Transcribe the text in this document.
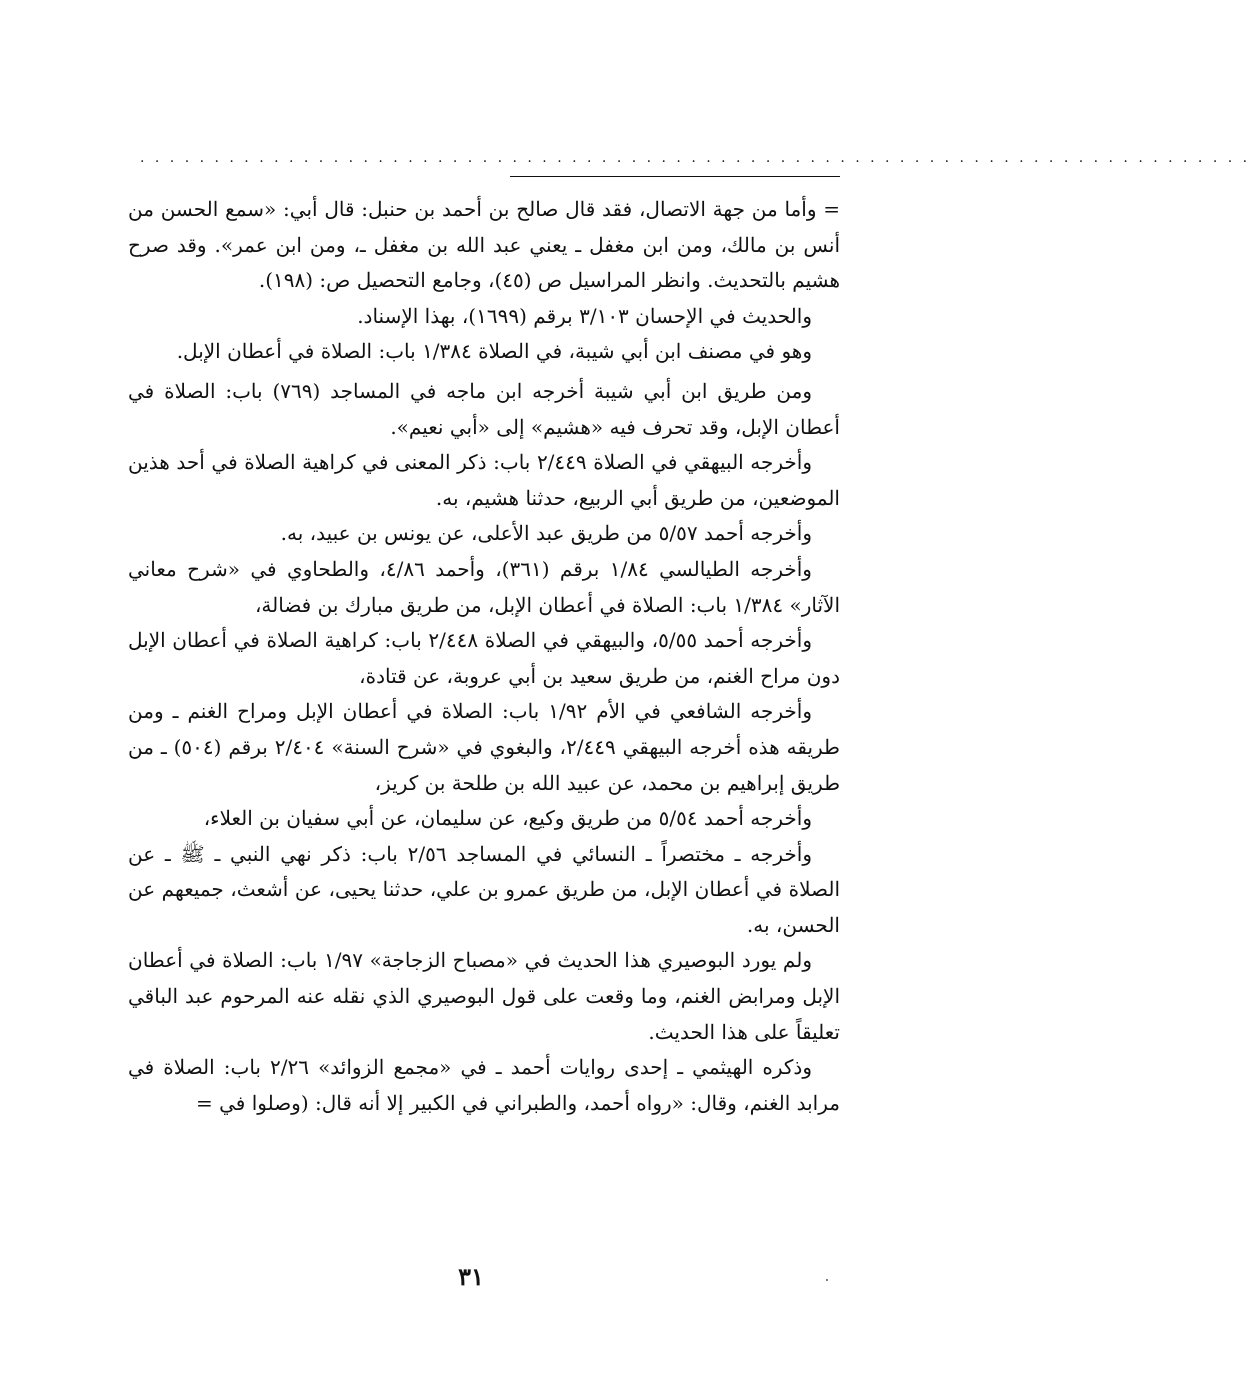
. . . . . . . . . . . . . . . . . . . . . . . . . . . . . . . . . . . . . . . . . . . . . . . . . . . . . . . . . . . . . . . . . . . . . . . . . . .

= وأما من جهة الاتصال، فقد قال صالح بن أحمد بن حنبل: قال أبي: «سمع الحسن من أنس بن مالك، ومن ابن مغفل ـ يعني عبد الله بن مغفل ـ، ومن ابن عمر». وقد صرح هشيم بالتحديث. وانظر المراسيل ص (٤٥)، وجامع التحصيل ص: (١٩٨).

والحديث في الإحسان ٣/١٠٣ برقم (١٦٩٩)، بهذا الإسناد.

وهو في مصنف ابن أبي شيبة، في الصلاة ١/٣٨٤ باب: الصلاة في أعطان الإبل.

ومن طريق ابن أبي شيبة أخرجه ابن ماجه في المساجد (٧٦٩) باب: الصلاة في أعطان الإبل، وقد تحرف فيه «هشيم» إلى «أبي نعيم».

وأخرجه البيهقي في الصلاة ٢/٤٤٩ باب: ذكر المعنى في كراهية الصلاة في أحد هذين الموضعين، من طريق أبي الربيع، حدثنا هشيم، به.

وأخرجه أحمد ٥/٥٧ من طريق عبد الأعلى، عن يونس بن عبيد، به.

وأخرجه الطيالسي ١/٨٤ برقم (٣٦١)، وأحمد ٤/٨٦، والطحاوي في «شرح معاني الآثار» ١/٣٨٤ باب: الصلاة في أعطان الإبل، من طريق مبارك بن فضالة،

وأخرجه أحمد ٥/٥٥، والبيهقي في الصلاة ٢/٤٤٨ باب: كراهية الصلاة في أعطان الإبل دون مراح الغنم، من طريق سعيد بن أبي عروبة، عن قتادة،

وأخرجه الشافعي في الأم ١/٩٢ باب: الصلاة في أعطان الإبل ومراح الغنم ـ ومن طريقه هذه أخرجه البيهقي ٢/٤٤٩، والبغوي في «شرح السنة» ٢/٤٠٤ برقم (٥٠٤) ـ من طريق إبراهيم بن محمد، عن عبيد الله بن طلحة بن كريز،

وأخرجه أحمد ٥/٥٤ من طريق وكيع، عن سليمان، عن أبي سفيان بن العلاء،

وأخرجه ـ مختصراً ـ النسائي في المساجد ٢/٥٦ باب: ذكر نهي النبي ـ ﷺ ـ عن الصلاة في أعطان الإبل، من طريق عمرو بن علي، حدثنا يحيى، عن أشعث، جميعهم عن الحسن، به.

ولم يورد البوصيري هذا الحديث في «مصباح الزجاجة» ١/٩٧ باب: الصلاة في أعطان الإبل ومرابض الغنم، وما وقعت على قول البوصيري الذي نقله عنه المرحوم عبد الباقي تعليقاً على هذا الحديث.

وذكره الهيثمي ـ إحدى روايات أحمد ـ في «مجمع الزوائد» ٢/٢٦ باب: الصلاة في مرابد الغنم، وقال: «رواه أحمد، والطبراني في الكبير إلا أنه قال: (وصلوا في =

٣١
